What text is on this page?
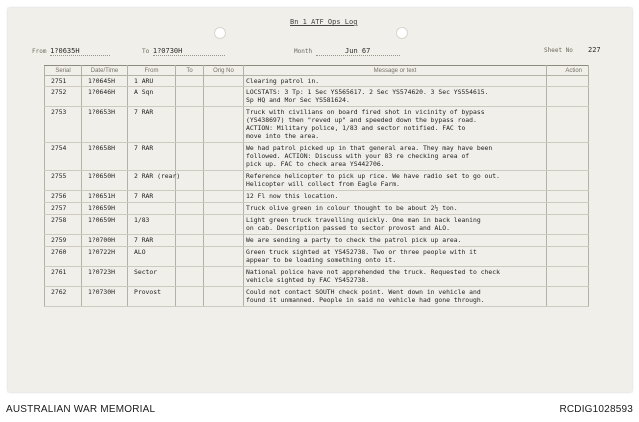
Bn 1 ATF Ops Log
From 1?0635H	To 1?0730H	Month	Jun 67	Sheet No 227
Serial	Date/Time	From	To	Orig No	Message or text	Action
2751	1?0645H	1 ARU			Clearing patrol in.	
2752	1?0646H	A Sqn			LOCSTATS: 3 Tp: 1 Sec YS565617. 2 Sec YS574620. 3 Sec YS554615.
Sp HQ and Mor Sec YS581624.	
2753	1?0653H	7 RAR			Truck with civilians on board fired shot in vicinity of bypass
(YS438697) then "reved up" and speeded down the bypass road.
ACTION: Military police, 1/83 and sector notified. FAC to
move into the area.	
2754	1?0658H	7 RAR			We had patrol picked up in that general area. They may have been
followed. ACTION: Discuss with your 83 re checking area of
pick up. FAC to check area YS442706.	
2755	1?0650H	2 RAR (rear)			Reference helicopter to pick up rice. We have radio set to go out.
Helicopter will collect from Eagle Farm.	
2756	1?0651H	7 RAR			12 Fl now this location.	
2757	1?0659H				Truck olive green in colour thought to be about 2½ ton.	
2758	1?0659H	1/83			Light green truck travelling quickly. One man in back leaning
on cab. Description passed to sector provost and ALO.	
2759	1?0700H	7 RAR			We are sending a party to check the patrol pick up area.	
2760	1?0722H	ALO			Green truck sighted at YS452738. Two or three people with it
appear to be loading something onto it.	
2761	1?0723H	Sector			National police have not apprehended the truck. Requested to check
vehicle sighted by FAC YS452738.	
2762	1?0730H	Provost			Could not contact SOUTH check point. Went down in vehicle and
found it unmanned. People in said no vehicle had gone through.	
AUSTRALIAN WAR MEMORIAL	RCDIG1028593
